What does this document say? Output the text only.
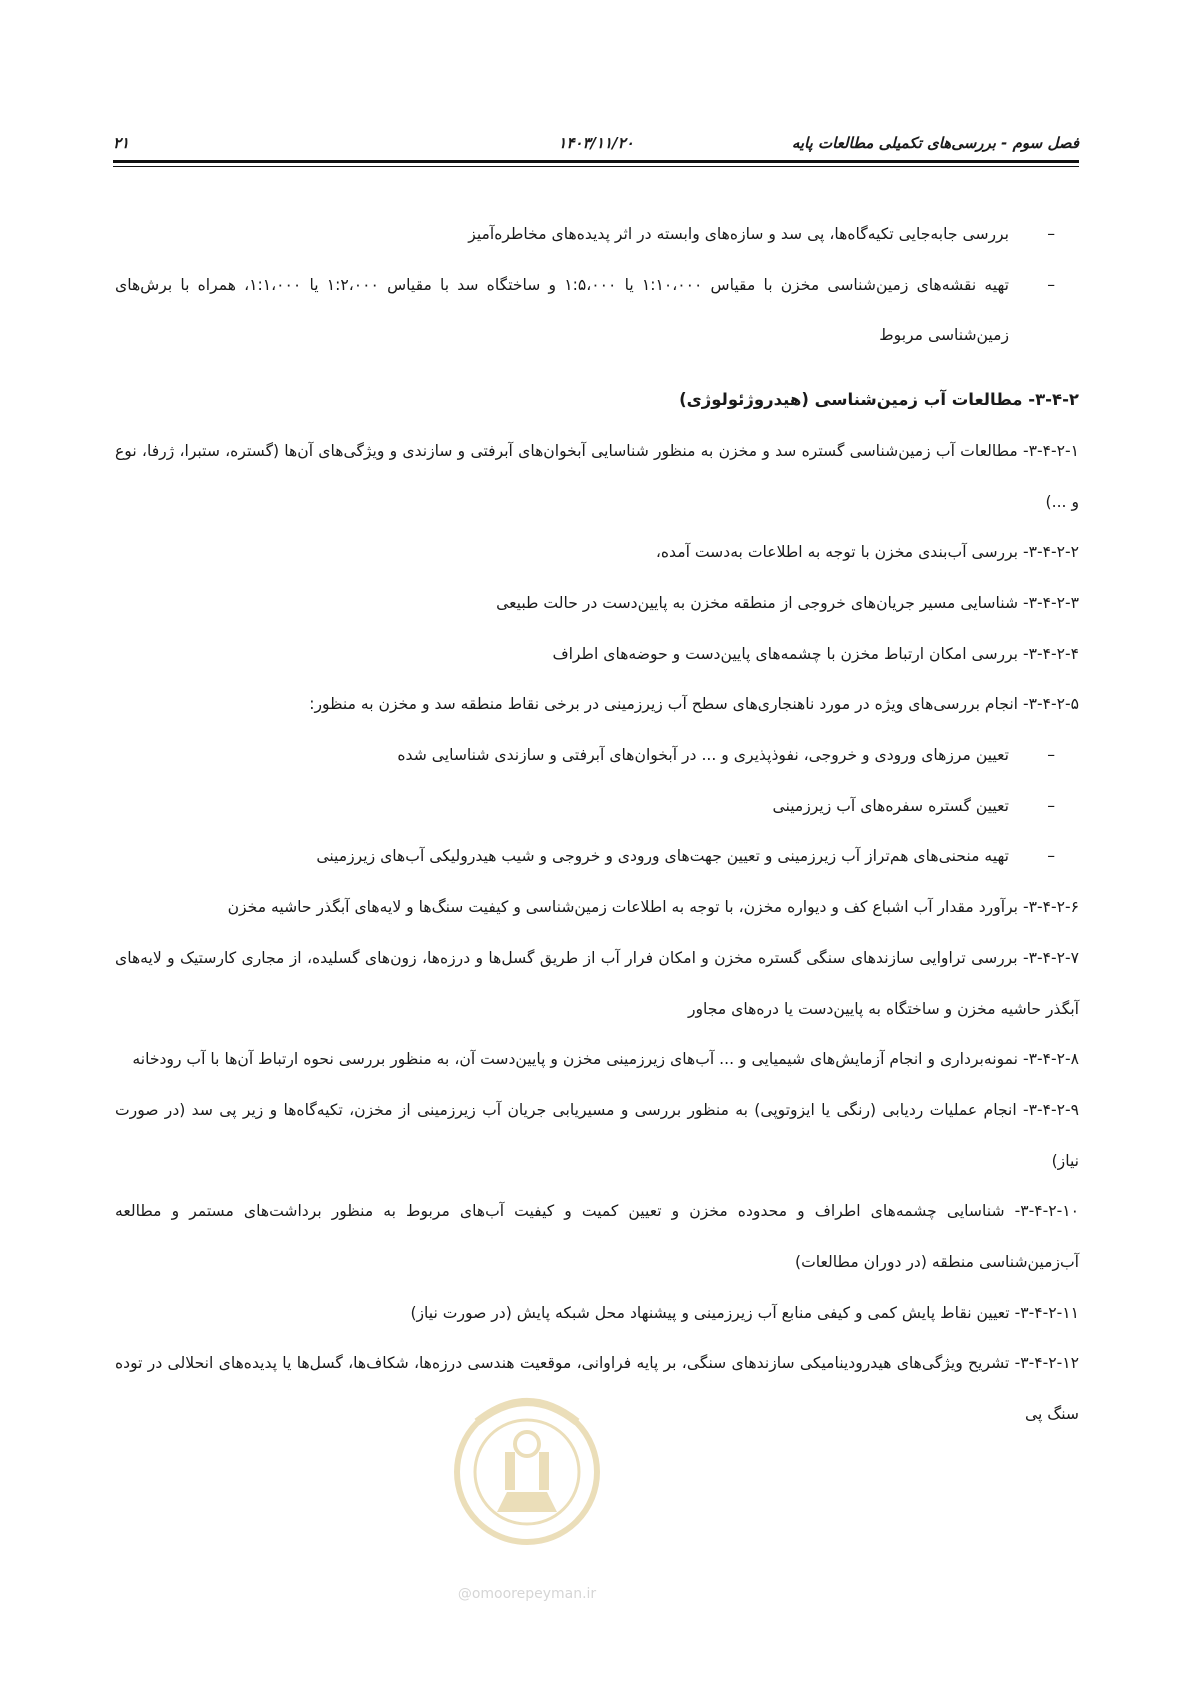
فصل سوم - بررسی‌های تکمیلی مطالعات پایه
۱۴۰۳/۱۱/۲۰
۲۱

–
بررسی جابه‌جایی تکیه‌گاه‌ها، پی سد و سازه‌های وابسته در اثر پدیده‌های مخاطره‌آمیز

–
تهیه نقشه‌های زمین‌شناسی مخزن با مقیاس ۱:۱۰،۰۰۰ یا ۱:۵،۰۰۰ و ساختگاه سد با مقیاس ۱:۲،۰۰۰ یا ۱:۱،۰۰۰، همراه با برش‌های زمین‌شناسی مربوط

۳-۴-۲- مطالعات آب زمین‌شناسی (هیدروژئولوژی)

۳-۴-۲-۱- مطالعات آب زمین‌شناسی گستره سد و مخزن به منظور شناسایی آبخوان‌های آبرفتی و سازندی و ویژگی‌های آن‌ها (گستره، ستبرا، ژرفا، نوع و ...)

۳-۴-۲-۲- بررسی آب‌بندی مخزن با توجه به اطلاعات به‌دست آمده،

۳-۴-۲-۳- شناسایی مسیر جریان‌های خروجی از منطقه مخزن به پایین‌دست در حالت طبیعی

۳-۴-۲-۴- بررسی امکان ارتباط مخزن با چشمه‌های پایین‌دست و حوضه‌های اطراف

۳-۴-۲-۵- انجام بررسی‌های ویژه در مورد ناهنجاری‌های سطح آب زیرزمینی در برخی نقاط منطقه سد و مخزن به منظور:

–
تعیین مرزهای ورودی و خروجی، نفوذپذیری و ... در آبخوان‌های آبرفتی و سازندی شناسایی شده

–
تعیین گستره سفره‌های آب زیرزمینی

–
تهیه منحنی‌های هم‌تراز آب زیرزمینی و تعیین جهت‌های ورودی و خروجی و شیب هیدرولیکی آب‌های زیرزمینی

۳-۴-۲-۶- برآورد مقدار آب اشباع کف و دیواره مخزن، با توجه به اطلاعات زمین‌شناسی و کیفیت سنگ‌ها و لایه‌های آبگذر حاشیه مخزن

۳-۴-۲-۷- بررسی تراوایی سازندهای سنگی گستره مخزن و امکان فرار آب از طریق گسل‌ها و درزه‌ها، زون‌های گسلیده، از مجاری کارستیک و لایه‌های آبگذر حاشیه مخزن و ساختگاه به پایین‌دست یا دره‌های مجاور

۳-۴-۲-۸- نمونه‌برداری و انجام آزمایش‌های شیمیایی و ... آب‌های زیرزمینی مخزن و پایین‌دست آن، به منظور بررسی نحوه ارتباط آن‌ها با آب رودخانه

۳-۴-۲-۹- انجام عملیات ردیابی (رنگی یا ایزوتوپی) به منظور بررسی و مسیریابی جریان آب زیرزمینی از مخزن، تکیه‌گاه‌ها و زیر پی سد (در صورت نیاز)

۳-۴-۲-۱۰- شناسایی چشمه‌های اطراف و محدوده مخزن و تعیین کمیت و کیفیت آب‌های مربوط به منظور برداشت‌های مستمر و مطالعه آب‌زمین‌شناسی منطقه (در دوران مطالعات)

۳-۴-۲-۱۱- تعیین نقاط پایش کمی و کیفی منابع آب زیرزمینی و پیشنهاد محل شبکه پایش (در صورت نیاز)

۳-۴-۲-۱۲- تشریح ویژگی‌های هیدرودینامیکی سازندهای سنگی، بر پایه فراوانی، موقعیت هندسی درزه‌ها، شکاف‌ها، گسل‌ها یا پدیده‌های انحلالی در توده سنگ پی

@omoorepeyman.ir
